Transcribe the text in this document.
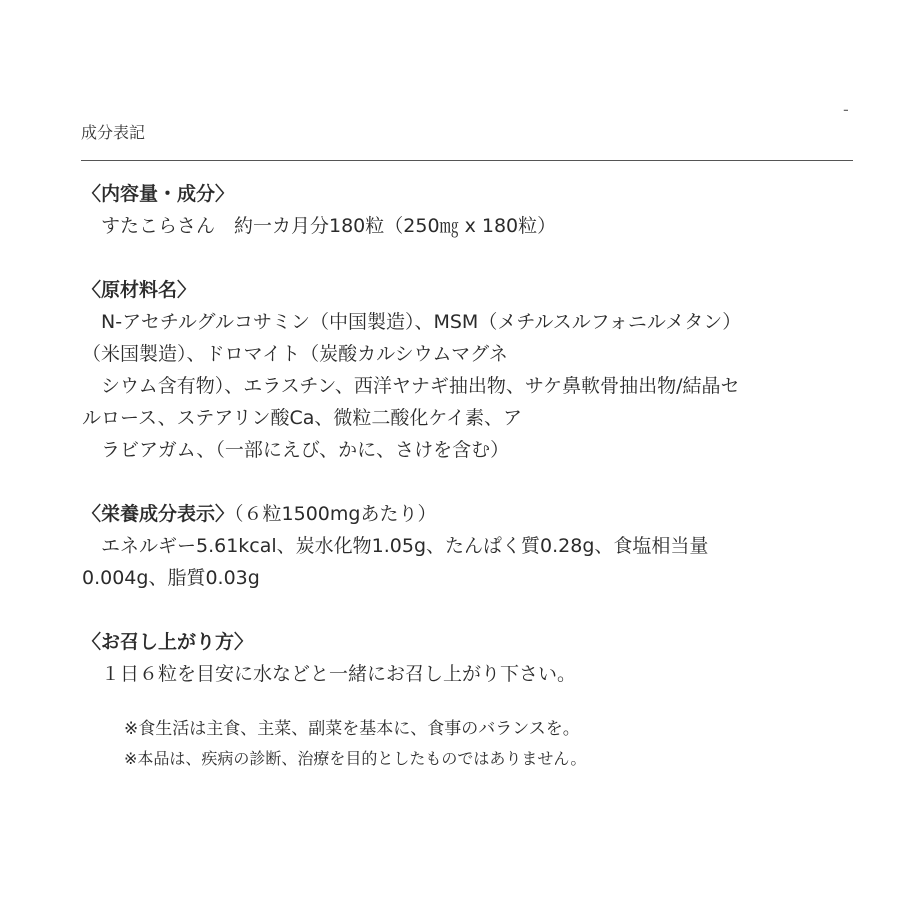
-
成分表記
〈内容量・成分〉
　すたこらさん　約一カ月分180粒（250㎎ x 180粒）
〈原材料名〉
　N-アセチルグルコサミン（中国製造）、MSM（メチルスルフォニルメタン）
（米国製造）、ドロマイト（炭酸カルシウムマグネ
　シウム含有物）、エラスチン、西洋ヤナギ抽出物、サケ鼻軟骨抽出物/結晶セ
ルロース、ステアリン酸Ca、微粒二酸化ケイ素、ア
　ラビアガム、（一部にえび、かに、さけを含む）
〈栄養成分表示〉（６粒1500mgあたり）
　エネルギー5.61kcal、炭水化物1.05g、たんぱく質0.28g、食塩相当量
0.004g、脂質0.03g
〈お召し上がり方〉
　１日６粒を目安に水などと一緒にお召し上がり下さい。
※食生活は主食、主菜、副菜を基本に、食事のバランスを。
※本品は、疾病の診断、治療を目的としたものではありません。
